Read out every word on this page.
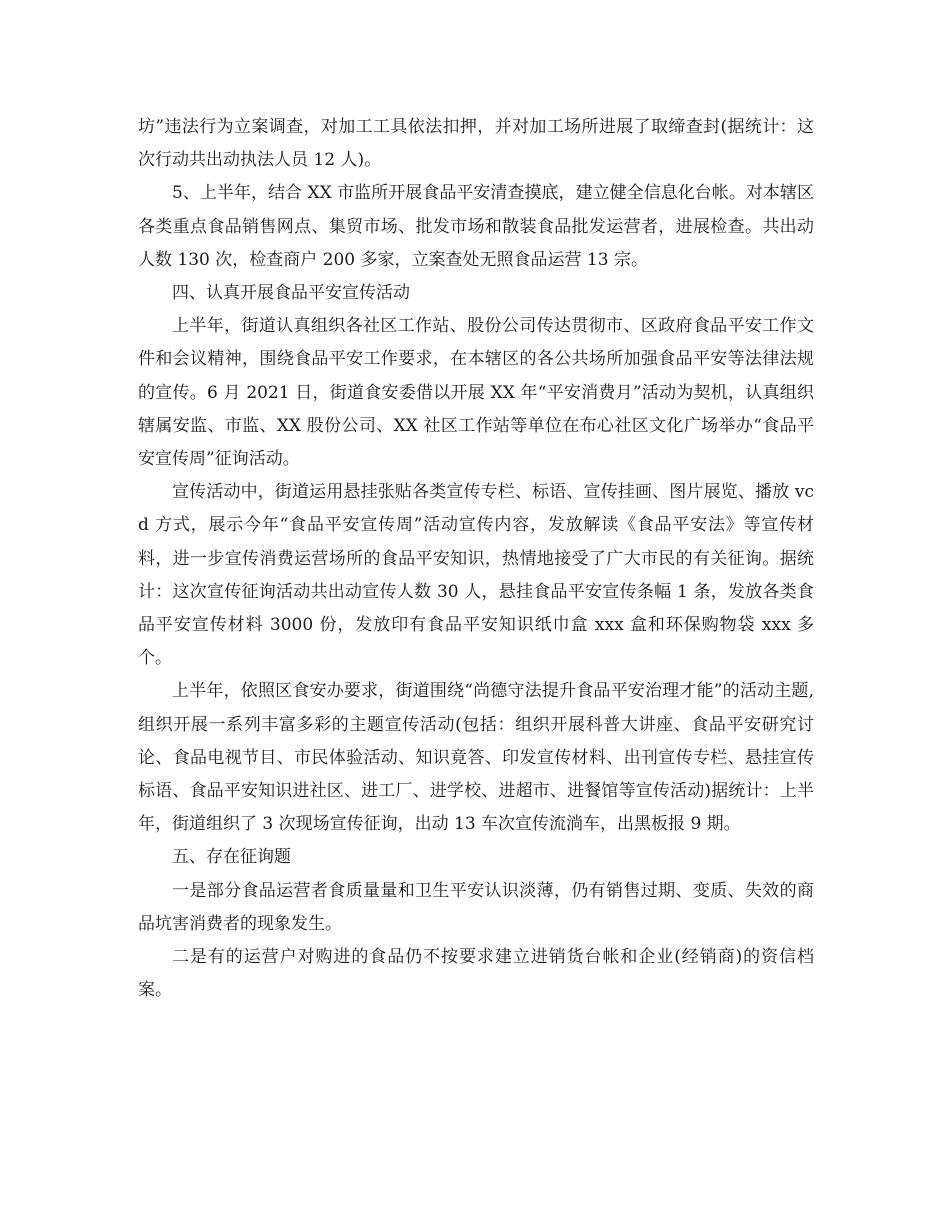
坊”违法行为立案调查，对加工工具依法扣押，并对加工场所进展了取缔查封(据统计：这次行动共出动执法人员 12 人)。

5、上半年，结合 XX 市监所开展食品平安清查摸底，建立健全信息化台帐。对本辖区各类重点食品销售网点、集贸市场、批发市场和散装食品批发运营者，进展检查。共出动人数 130 次，检查商户 200 多家，立案查处无照食品运营 13 宗。

四、认真开展食品平安宣传活动

上半年，街道认真组织各社区工作站、股份公司传达贯彻市、区政府食品平安工作文件和会议精神，围绕食品平安工作要求，在本辖区的各公共场所加强食品平安等法律法规的宣传。6 月 2021 日，街道食安委借以开展 XX 年“平安消费月”活动为契机，认真组织辖属安监、市监、XX 股份公司、XX 社区工作站等单位在布心社区文化广场举办“食品平安宣传周”征询活动。

宣传活动中，街道运用悬挂张贴各类宣传专栏、标语、宣传挂画、图片展览、播放 vcd 方式，展示今年“食品平安宣传周”活动宣传内容，发放解读《食品平安法》等宣传材料，进一步宣传消费运营场所的食品平安知识，热情地接受了广大市民的有关征询。据统计：这次宣传征询活动共出动宣传人数 30 人，悬挂食品平安宣传条幅 1 条，发放各类食品平安宣传材料 3000 份，发放印有食品平安知识纸巾盒 xxx 盒和环保购物袋 xxx 多个。

上半年，依照区食安办要求，街道围绕“尚德守法提升食品平安治理才能”的活动主题,组织开展一系列丰富多彩的主题宣传活动(包括：组织开展科普大讲座、食品平安研究讨论、食品电视节目、市民体验活动、知识竟答、印发宣传材料、出刊宣传专栏、悬挂宣传标语、食品平安知识进社区、进工厂、进学校、进超市、进餐馆等宣传活动)据统计：上半年，街道组织了 3 次现场宣传征询，出动 13 车次宣传流淌车，出黑板报 9 期。

五、存在征询题

一是部分食品运营者食质量量和卫生平安认识淡薄，仍有销售过期、变质、失效的商品坑害消费者的现象发生。

二是有的运营户对购进的食品仍不按要求建立进销货台帐和企业(经销商)的资信档案。
